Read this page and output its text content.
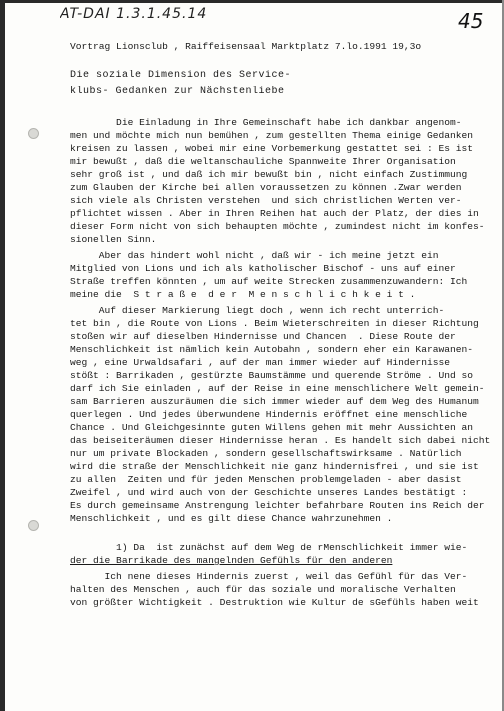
AT-DAI 1.3.1.45.14	45
Vortrag Lionsclub , Raiffeisensaal Marktplatz 7.lo.1991 19,3o
Die soziale Dimension des Service-
klubs- Gedanken zur Nächstenliebe
Die Einladung in Ihre Gemeinschaft habe ich dankbar angenom-
men und möchte mich nun bemühen , zum gestellten Thema einige Gedanken
kreisen zu lassen , wobei mir eine Vorbemerkung gestattet sei : Es ist
mir bewußt , daß die weltanschauliche Spannweite Ihrer Organisation
sehr groß ist , und daß ich mir bewußt bin , nicht einfach Zustimmung
zum Glauben der Kirche bei allen voraussetzen zu können .Zwar werden
sich viele als Christen verstehen  und sich christlichen Werten ver-
pflichtet wissen . Aber in Ihren Reihen hat auch der Platz, der dies in
dieser Form nicht von sich behaupten möchte , zumindest nicht im konfes-
sionellen Sinn.
Aber das hindert wohl nicht , daß wir - ich meine jetzt ein
Mitglied von Lions und ich als katholischer Bischof - uns auf einer
Straße treffen könnten , um auf weite Strecken zusammenzuwandern: Ich
meine die  S t r a ß e  d e r  M e n s c h l i c h k e i t .
Auf dieser Markierung liegt doch , wenn ich recht unterrich-
tet bin , die Route von Lions . Beim Wieterschreiten in dieser Richtung
stoßen wir auf dieselben Hindernisse und Chancen  . Diese Route der
Menschlichkeit ist nämlich kein Autobahn , sondern eher ein Karawanen-
weg , eine Urwaldsafari , auf der man immer wieder auf Hindernisse
stößt : Barrikaden , gestürzte Baumstämme und querende Ströme . Und so
darf ich Sie einladen , auf der Reise in eine menschlichere Welt gemein-
sam Barrieren auszuräumen die sich immer wieder auf dem Weg des Humanum
querlegen . Und jedes überwundene Hindernis eröffnet eine menschliche
Chance . Und Gleichgesinnte guten Willens gehen mit mehr Aussichten an
das beiseiteräumen dieser Hindernisse heran . Es handelt sich dabei nicht
nur um private Blockaden , sondern gesellschaftswirksame . Natürlich
wird die straße der Menschlichkeit nie ganz hindernisfrei , und sie ist
zu allen  Zeiten und für jeden Menschen problemgeladen - aber dasist
Zweifel , und wird auch von der Geschichte unseres Landes bestätigt :
Es durch gemeinsame Anstrengung leichter befahrbare Routen ins Reich der
Menschlichkeit , und es gilt diese Chance wahrzunehmen .
1) Da  ist zunächst auf dem Weg de rMenschlichkeit immer wie-
der die Barrikade des mangelnden Gefühls für den anderen
Ich nene dieses Hindernis zuerst , weil das Gefühl für das Ver-
halten des Menschen , auch für das soziale und moralische Verhalten
von größter Wichtigkeit . Destruktion wie Kultur de sGefühls haben weit
